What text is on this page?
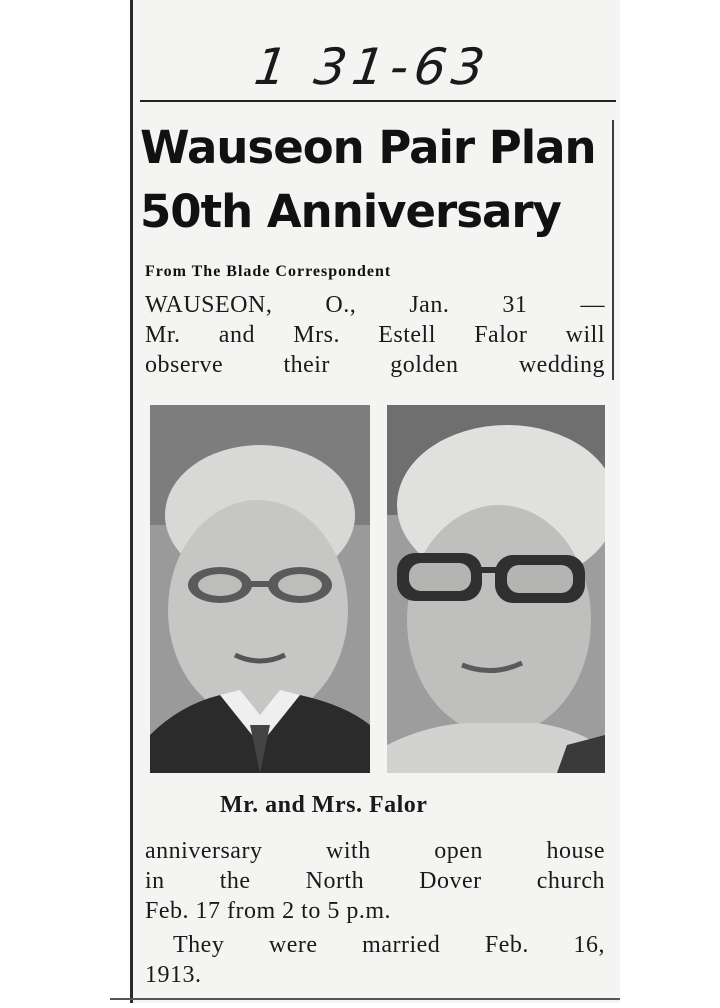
1 31-63
Wauseon Pair Plan
50th Anniversary
From The Blade Correspondent
WAUSEON, O., Jan. 31 —
Mr. and Mrs. Estell Falor will
observe their golden wedding
Mr. and Mrs. Falor
anniversary with open house
in the North Dover church
Feb. 17 from 2 to 5 p.m.
They were married Feb. 16,
1913.
